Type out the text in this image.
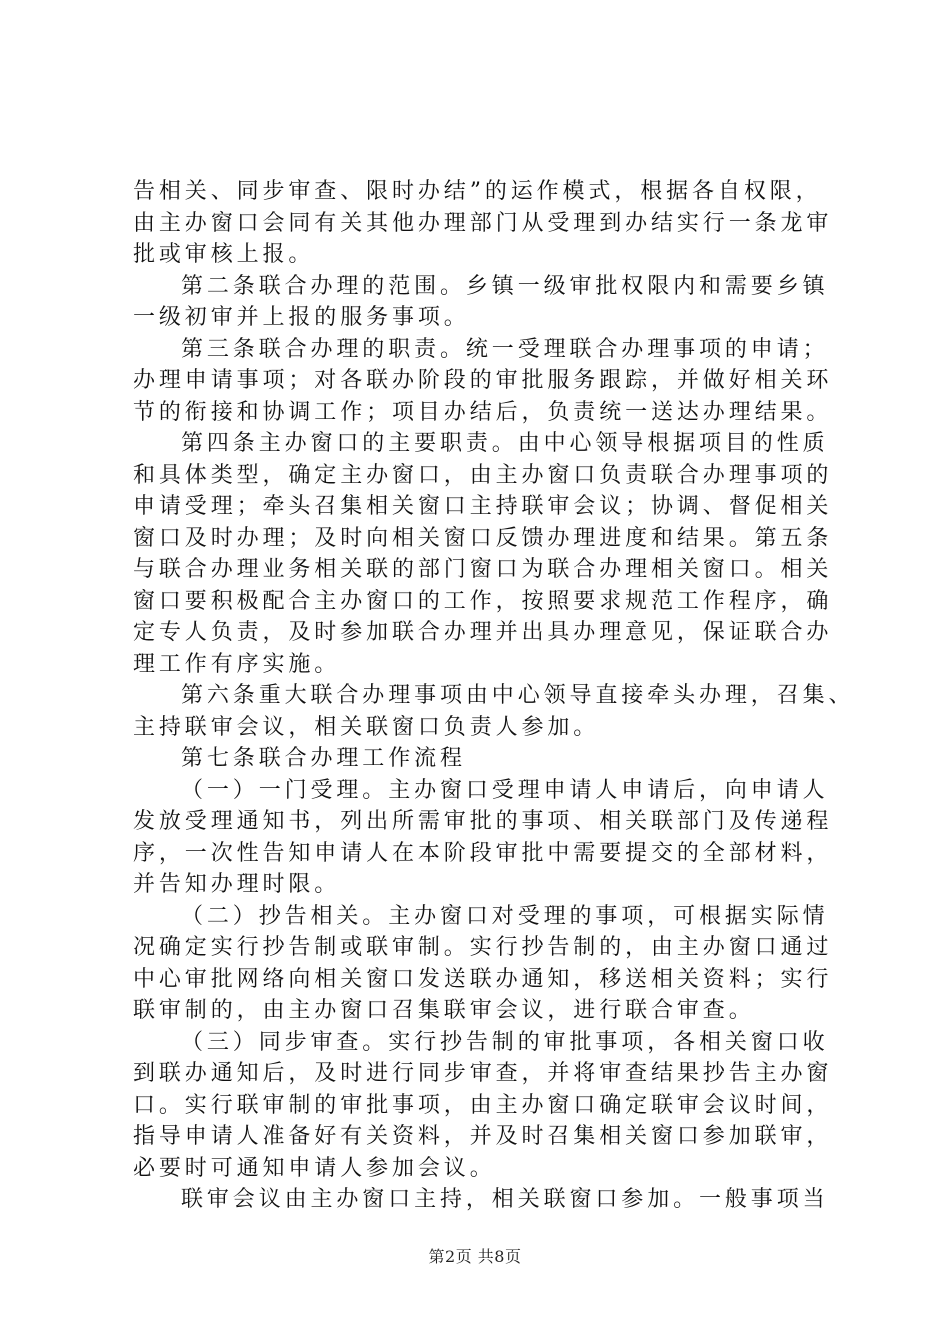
告相关、同步审查、限时办结”的运作模式，根据各自权限，
由主办窗口会同有关其他办理部门从受理到办结实行一条龙审
批或审核上报。
第二条联合办理的范围。乡镇一级审批权限内和需要乡镇
一级初审并上报的服务事项。
第三条联合办理的职责。统一受理联合办理事项的申请；
办理申请事项；对各联办阶段的审批服务跟踪，并做好相关环
节的衔接和协调工作；项目办结后，负责统一送达办理结果。
第四条主办窗口的主要职责。由中心领导根据项目的性质
和具体类型，确定主办窗口，由主办窗口负责联合办理事项的
申请受理；牵头召集相关窗口主持联审会议；协调、督促相关
窗口及时办理；及时向相关窗口反馈办理进度和结果。第五条
与联合办理业务相关联的部门窗口为联合办理相关窗口。相关
窗口要积极配合主办窗口的工作，按照要求规范工作程序，确
定专人负责，及时参加联合办理并出具办理意见，保证联合办
理工作有序实施。
第六条重大联合办理事项由中心领导直接牵头办理，召集、
主持联审会议，相关联窗口负责人参加。
第七条联合办理工作流程
（一）一门受理。主办窗口受理申请人申请后，向申请人
发放受理通知书，列出所需审批的事项、相关联部门及传递程
序，一次性告知申请人在本阶段审批中需要提交的全部材料，
并告知办理时限。
（二）抄告相关。主办窗口对受理的事项，可根据实际情
况确定实行抄告制或联审制。实行抄告制的，由主办窗口通过
中心审批网络向相关窗口发送联办通知，移送相关资料；实行
联审制的，由主办窗口召集联审会议，进行联合审查。
（三）同步审查。实行抄告制的审批事项，各相关窗口收
到联办通知后，及时进行同步审查，并将审查结果抄告主办窗
口。实行联审制的审批事项，由主办窗口确定联审会议时间，
指导申请人准备好有关资料，并及时召集相关窗口参加联审，
必要时可通知申请人参加会议。
联审会议由主办窗口主持，相关联窗口参加。一般事项当
第2页 共8页
